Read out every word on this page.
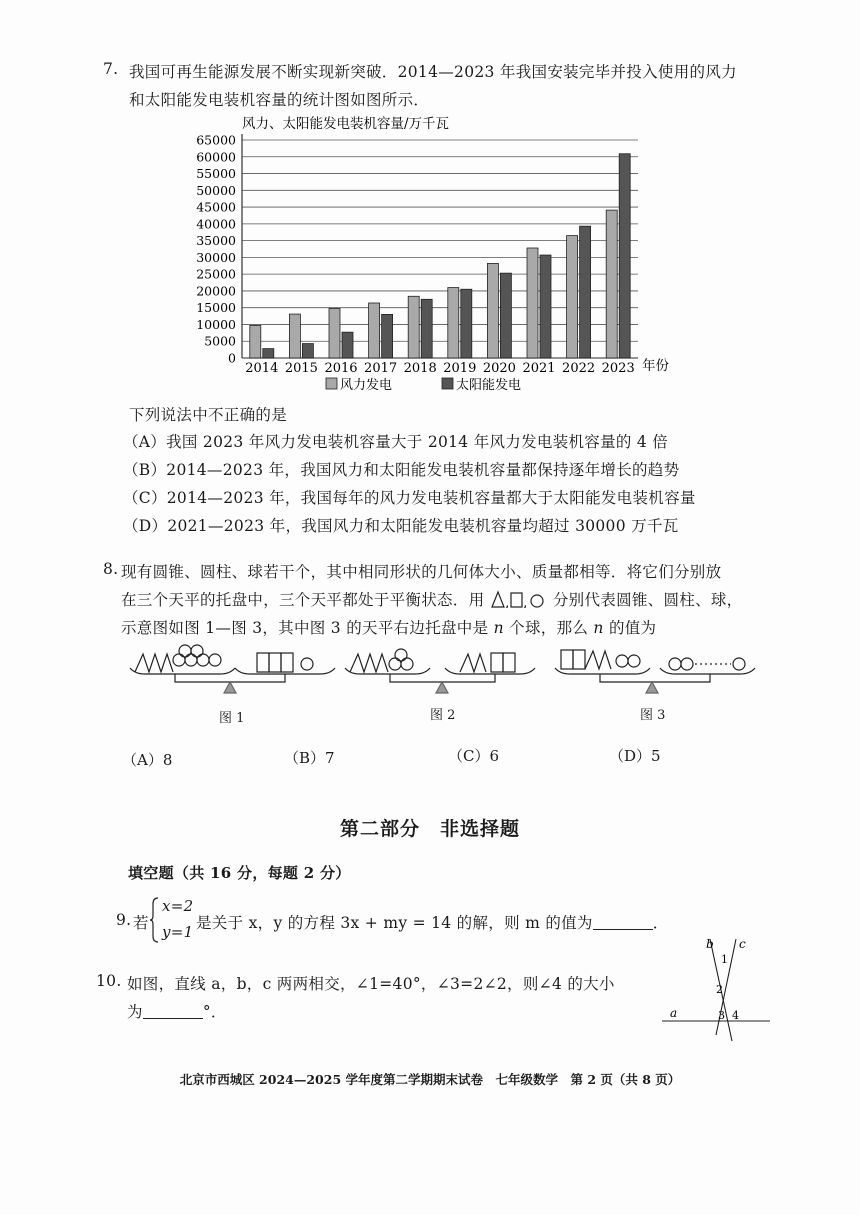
7. 我国可再生能源发展不断实现新突破．2014—2023 年我国安装完毕并投入使用的风力
和太阳能发电装机容量的统计图如图所示．
风力、太阳能发电装机容量/万千瓦
0
5000
10000
15000
20000
25000
30000
35000
40000
45000
50000
55000
60000
65000
2014 2015 2016 2017 2018 2019 2020 2021 2022 2023 年份
风力发电	太阳能发电
下列说法中不正确的是
（A）我国 2023 年风力发电装机容量大于 2014 年风力发电装机容量的 4 倍
（B）2014—2023 年，我国风力和太阳能发电装机容量都保持逐年增长的趋势
（C）2014—2023 年，我国每年的风力发电装机容量都大于太阳能发电装机容量
（D）2021—2023 年，我国风力和太阳能发电装机容量均超过 30000 万千瓦
8. 现有圆锥、圆柱、球若干个，其中相同形状的几何体大小、质量都相等．将它们分别放
在三个天平的托盘中，三个天平都处于平衡状态．用 , , 分别代表圆锥、圆柱、球，
示意图如图 1—图 3，其中图 3 的天平右边托盘中是 n 个球，那么 n 的值为
图 1	图 2	图 3
（A）8	（B）7	（C）6	（D）5
第二部分　非选择题
填空题（共 16 分，每题 2 分）
9. 若
x=2
y=1 是关于 x，y 的方程 3x + my = 14 的解，则 m 的值为	．
10. 如图，直线 a，b，c 两两相交，∠1=40°，∠3=2∠2，则∠4 的大小
为	°．
b c
1
2
a	3 4
北京市西城区 2024—2025 学年度第二学期期末试卷　七年级数学　第 2 页（共 8 页）
